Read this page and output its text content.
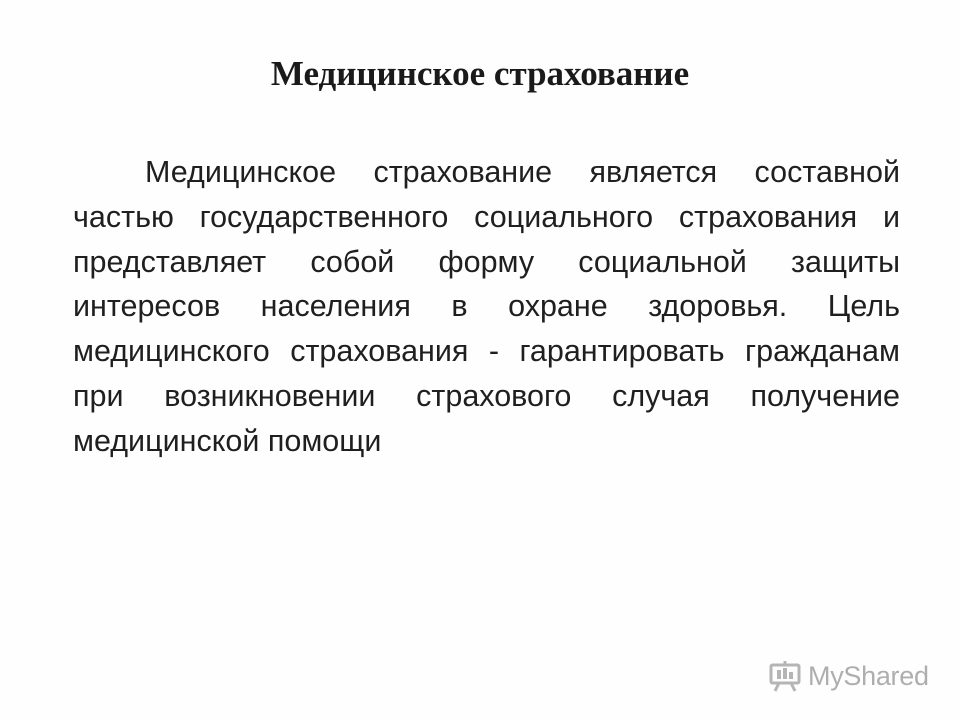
Медицинское страхование

Медицинское страхование является составной частью государственного социального страхования и представляет собой форму социальной защиты интересов населения в охране здоровья. Цель медицинского страхования - гарантировать гражданам при возникновении страхового случая получение медицинской помощи

MyShared
